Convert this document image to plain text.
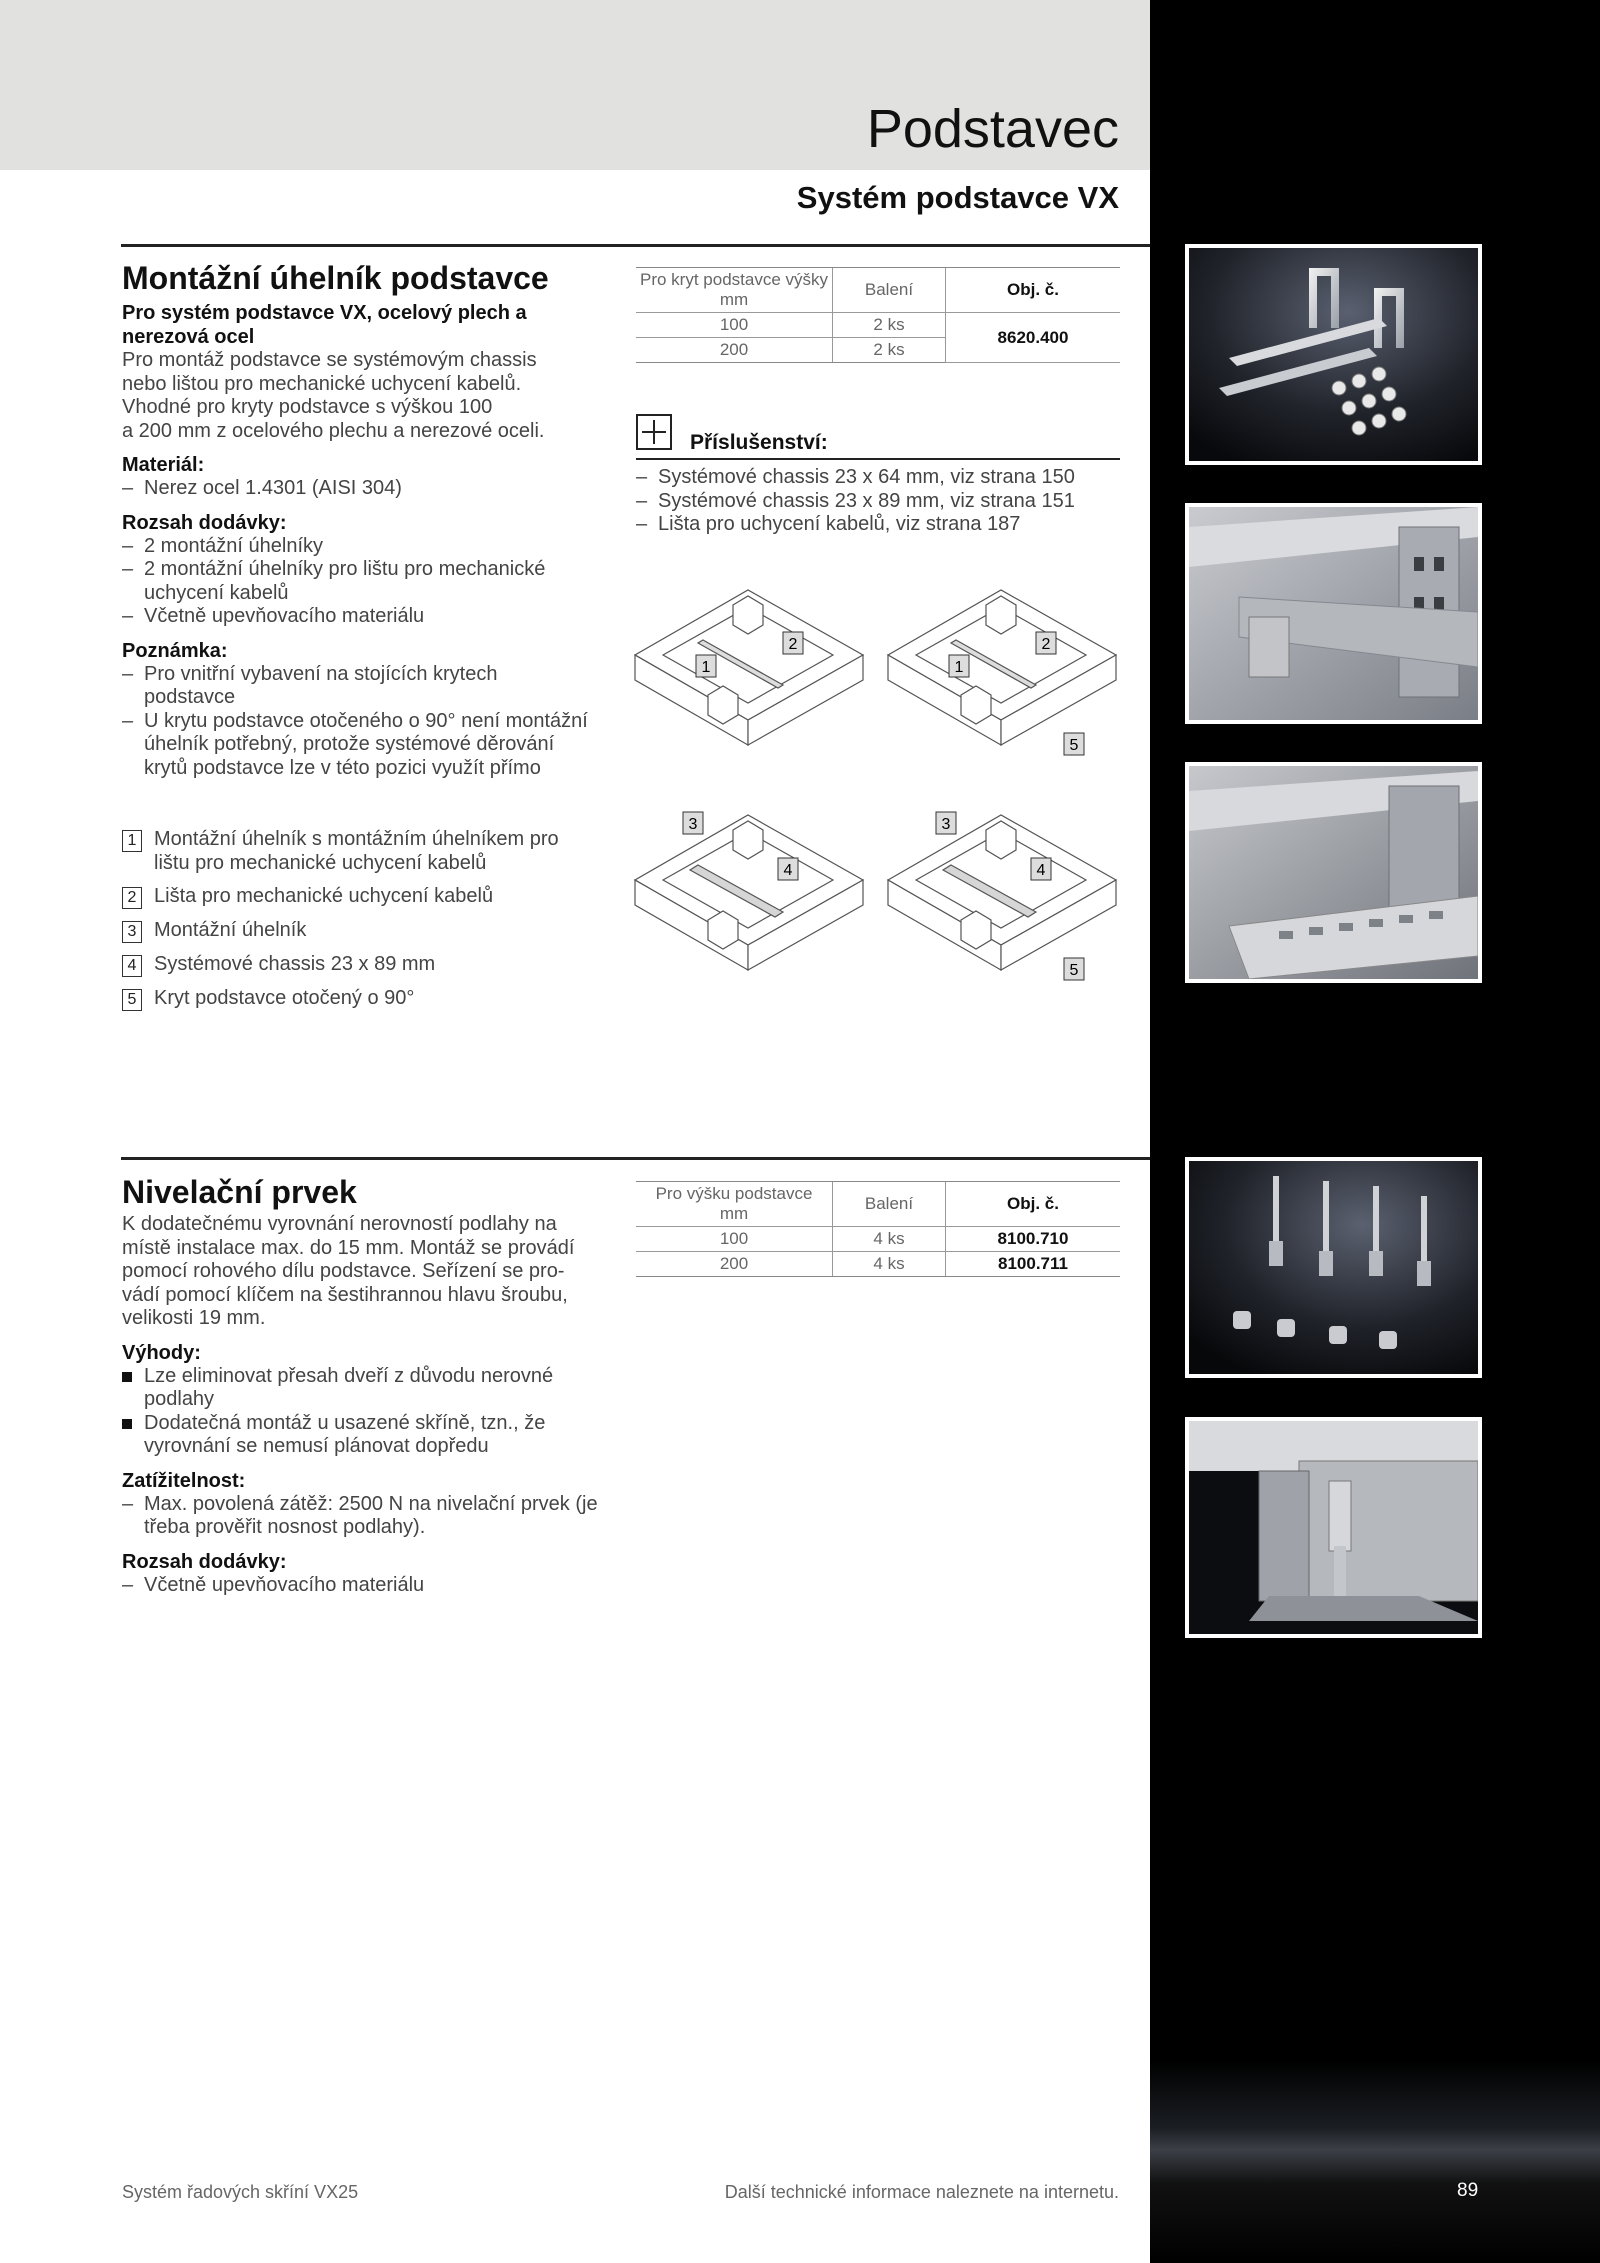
Podstavec
Systém podstavce VX
89
Montážní úhelník podstavce
Pro systém podstavce VX, ocelový plech a nerezová ocel
Pro montáž podstavce se systémovým chassis
nebo lištou pro mechanické uchycení kabelů.
Vhodné pro kryty podstavce s výškou 100
a 200 mm z ocelového plechu a nerezové oceli.
Materiál:
– Nerez ocel 1.4301 (AISI 304)
Rozsah dodávky:
– 2 montážní úhelníky
– 2 montážní úhelníky pro lištu pro mechanické uchycení kabelů
– Včetně upevňovacího materiálu
Poznámka:
– Pro vnitřní vybavení na stojících krytech podstavce
– U krytu podstavce otočeného o 90° není montážní úhelník potřebný, protože systémové děrování krytů podstavce lze v této pozici využít přímo
1 Montážní úhelník s montážním úhelníkem pro lištu pro mechanické uchycení kabelů
2 Lišta pro mechanické uchycení kabelů
3 Montážní úhelník
4 Systémové chassis 23 x 89 mm
5 Kryt podstavce otočený o 90°
Pro kryt podstavce výšky mm	Balení	Obj. č.
100	2 ks	8620.400
200	2 ks	
Příslušenství:
– Systémové chassis 23 x 64 mm, viz strana 150
– Systémové chassis 23 x 89 mm, viz strana 151
– Lišta pro uchycení kabelů, viz strana 187
1
2
1
2
5
3
4
3
4
5
Nivelační prvek
K dodatečnému vyrovnání nerovností podlahy na
místě instalace max. do 15 mm. Montáž se provádí
pomocí rohového dílu podstavce. Seřízení se pro-
vádí pomocí klíčem na šestihrannou hlavu šroubu,
velikosti 19 mm.
Výhody:
Lze eliminovat přesah dveří z důvodu nerovné podlahy
Dodatečná montáž u usazené skříně, tzn., že vyrovnání se nemusí plánovat dopředu
Zatížitelnost:
– Max. povolená zátěž: 2500 N na nivelační prvek (je třeba prověřit nosnost podlahy).
Rozsah dodávky:
– Včetně upevňovacího materiálu
Pro výšku podstavce mm	Balení	Obj. č.
100	4 ks	8100.710
200	4 ks	8100.711
Systém řadových skříní VX25	Další technické informace naleznete na internetu.
